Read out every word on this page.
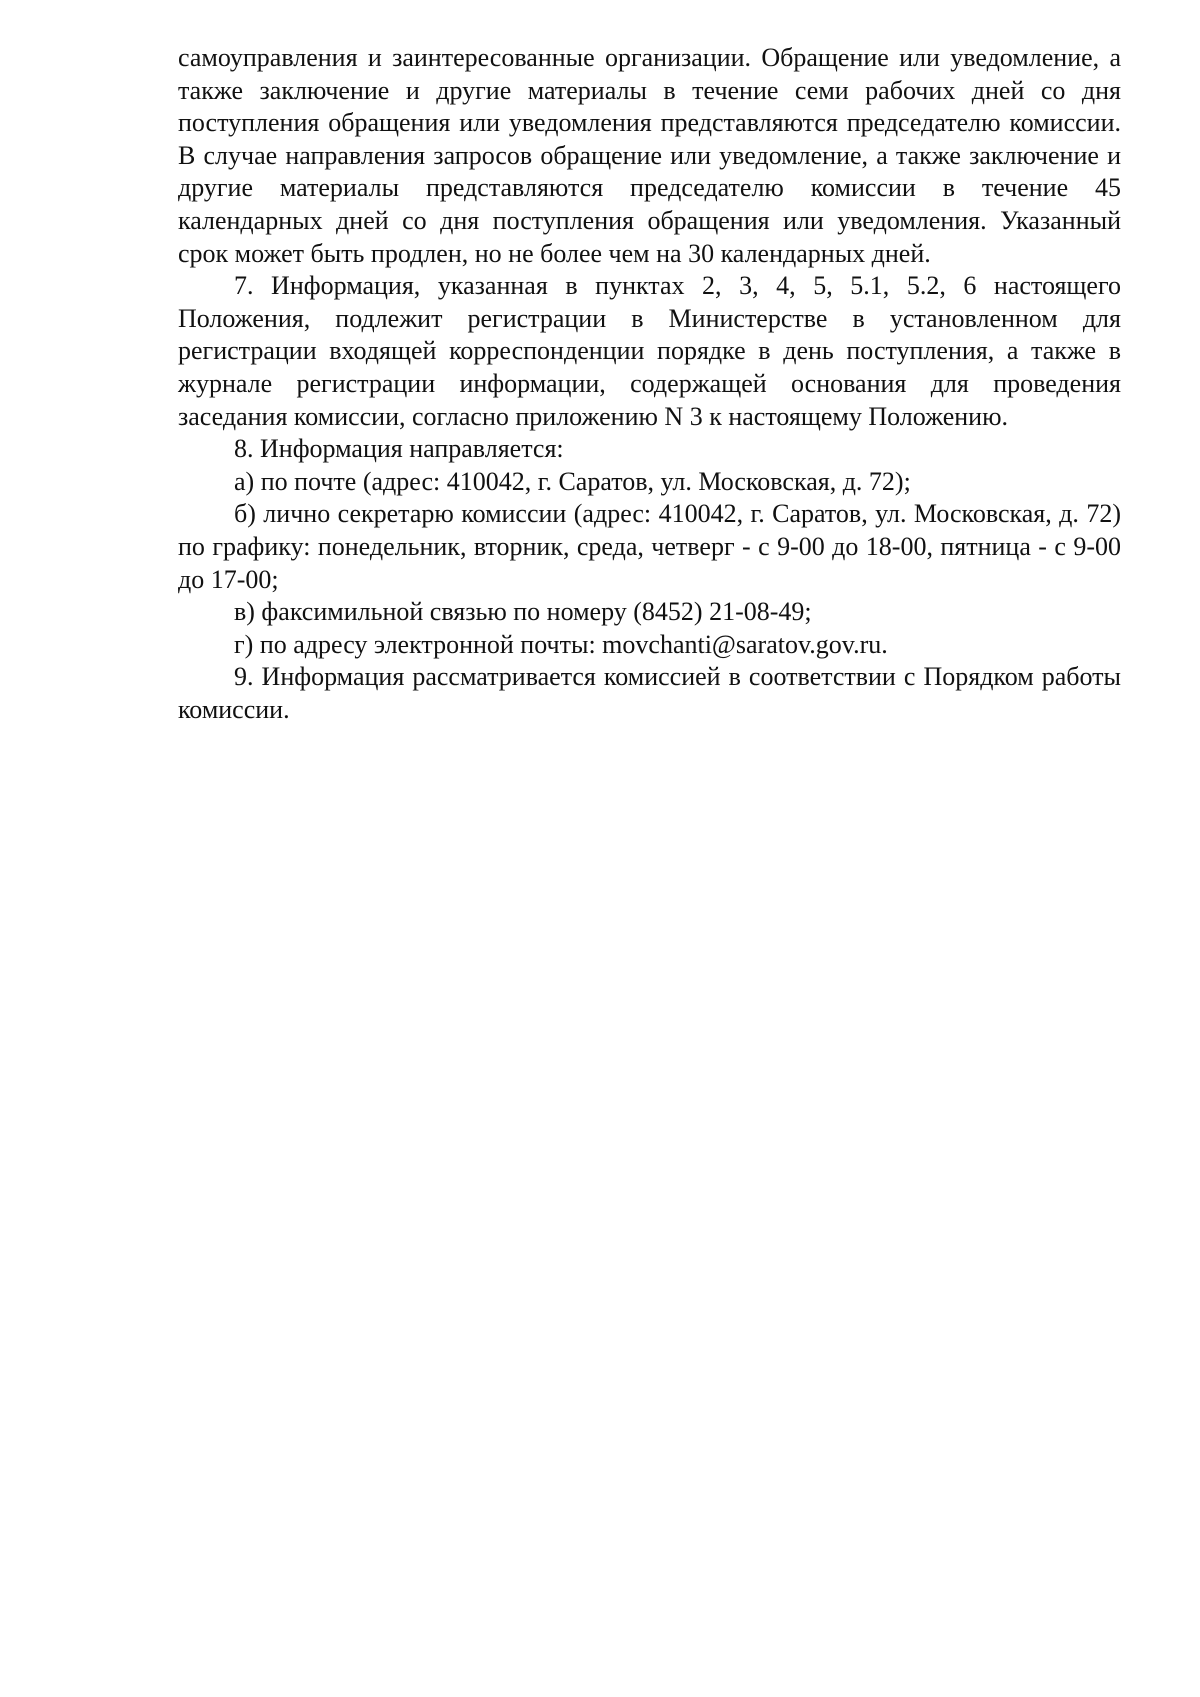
самоуправления и заинтересованные организации. Обращение или уведомление, а также заключение и другие материалы в течение семи рабочих дней со дня поступления обращения или уведомления представляются председателю комиссии. В случае направления запросов обращение или уведомление, а также заключение и другие материалы представляются председателю комиссии в течение 45 календарных дней со дня поступления обращения или уведомления. Указанный срок может быть продлен, но не более чем на 30 календарных дней.

7. Информация, указанная в пунктах 2, 3, 4, 5, 5.1, 5.2, 6 настоящего Положения, подлежит регистрации в Министерстве в установленном для регистрации входящей корреспонденции порядке в день поступления, а также в журнале регистрации информации, содержащей основания для проведения заседания комиссии, согласно приложению N 3 к настоящему Положению.

8. Информация направляется:

а) по почте (адрес: 410042, г. Саратов, ул. Московская, д. 72);

б) лично секретарю комиссии (адрес: 410042, г. Саратов, ул. Московская, д. 72) по графику: понедельник, вторник, среда, четверг - с 9-00 до 18-00, пятница - с 9-00 до 17-00;

в) факсимильной связью по номеру (8452) 21-08-49;

г) по адресу электронной почты: movchanti@saratov.gov.ru.

9. Информация рассматривается комиссией в соответствии с Порядком работы комиссии.
